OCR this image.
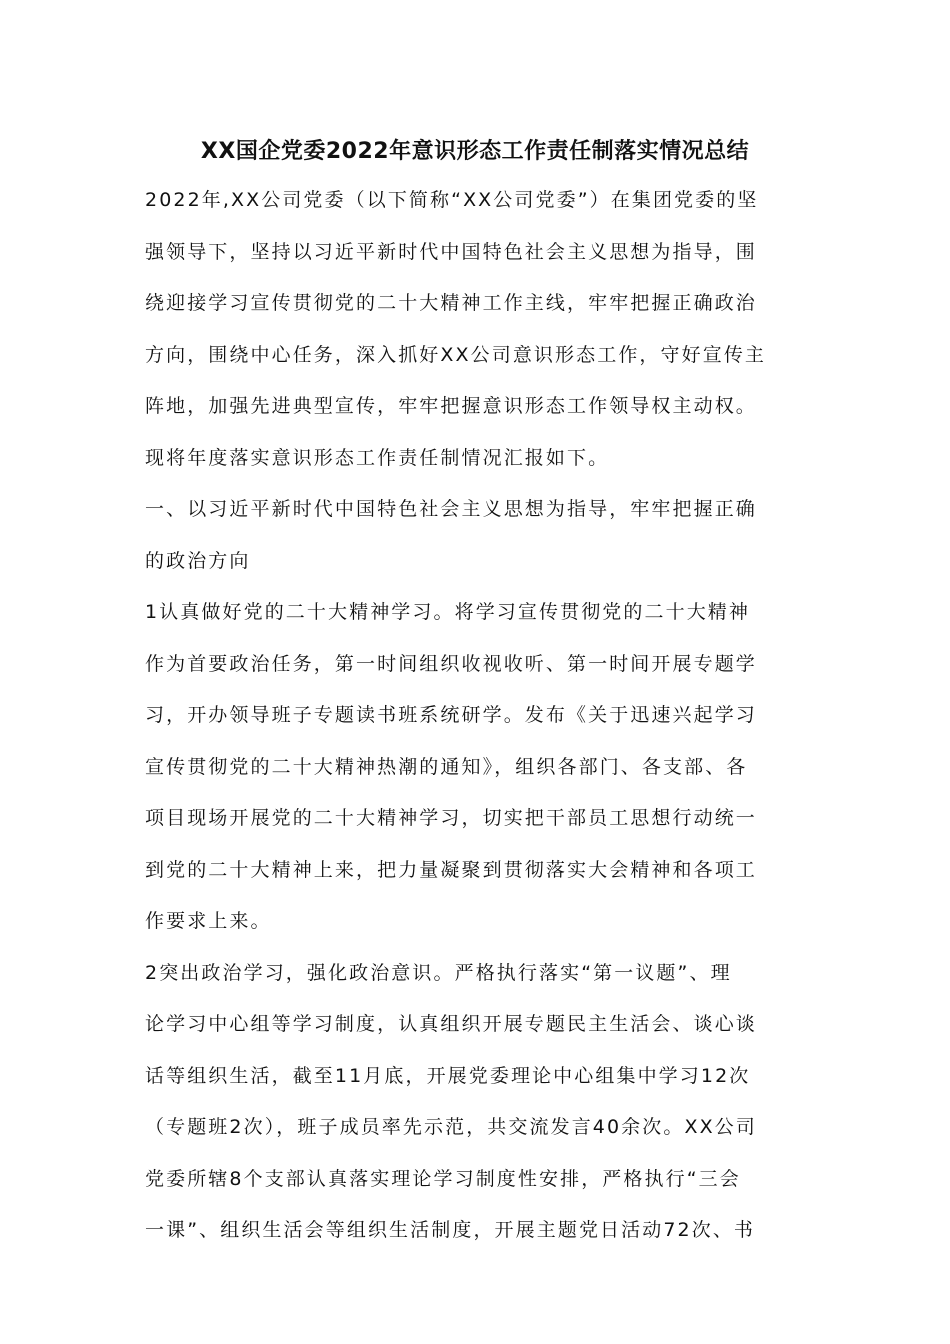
XX国企党委2022年意识形态工作责任制落实情况总结
2022年,XX公司党委（以下简称“XX公司党委”）在集团党委的坚
强领导下，坚持以习近平新时代中国特色社会主义思想为指导，围
绕迎接学习宣传贯彻党的二十大精神工作主线，牢牢把握正确政治
方向，围绕中心任务，深入抓好XX公司意识形态工作，守好宣传主
阵地，加强先进典型宣传，牢牢把握意识形态工作领导权主动权。
现将年度落实意识形态工作责任制情况汇报如下。
一、以习近平新时代中国特色社会主义思想为指导，牢牢把握正确
的政治方向
1认真做好党的二十大精神学习。将学习宣传贯彻党的二十大精神
作为首要政治任务，第一时间组织收视收听、第一时间开展专题学
习，开办领导班子专题读书班系统研学。发布《关于迅速兴起学习
宣传贯彻党的二十大精神热潮的通知》，组织各部门、各支部、各
项目现场开展党的二十大精神学习，切实把干部员工思想行动统一
到党的二十大精神上来，把力量凝聚到贯彻落实大会精神和各项工
作要求上来。
2突出政治学习，强化政治意识。严格执行落实“第一议题”、理
论学习中心组等学习制度，认真组织开展专题民主生活会、谈心谈
话等组织生活，截至11月底，开展党委理论中心组集中学习12次
（专题班2次），班子成员率先示范，共交流发言40余次。XX公司
党委所辖8个支部认真落实理论学习制度性安排，严格执行“三会
一课”、组织生活会等组织生活制度，开展主题党日活动72次、书
